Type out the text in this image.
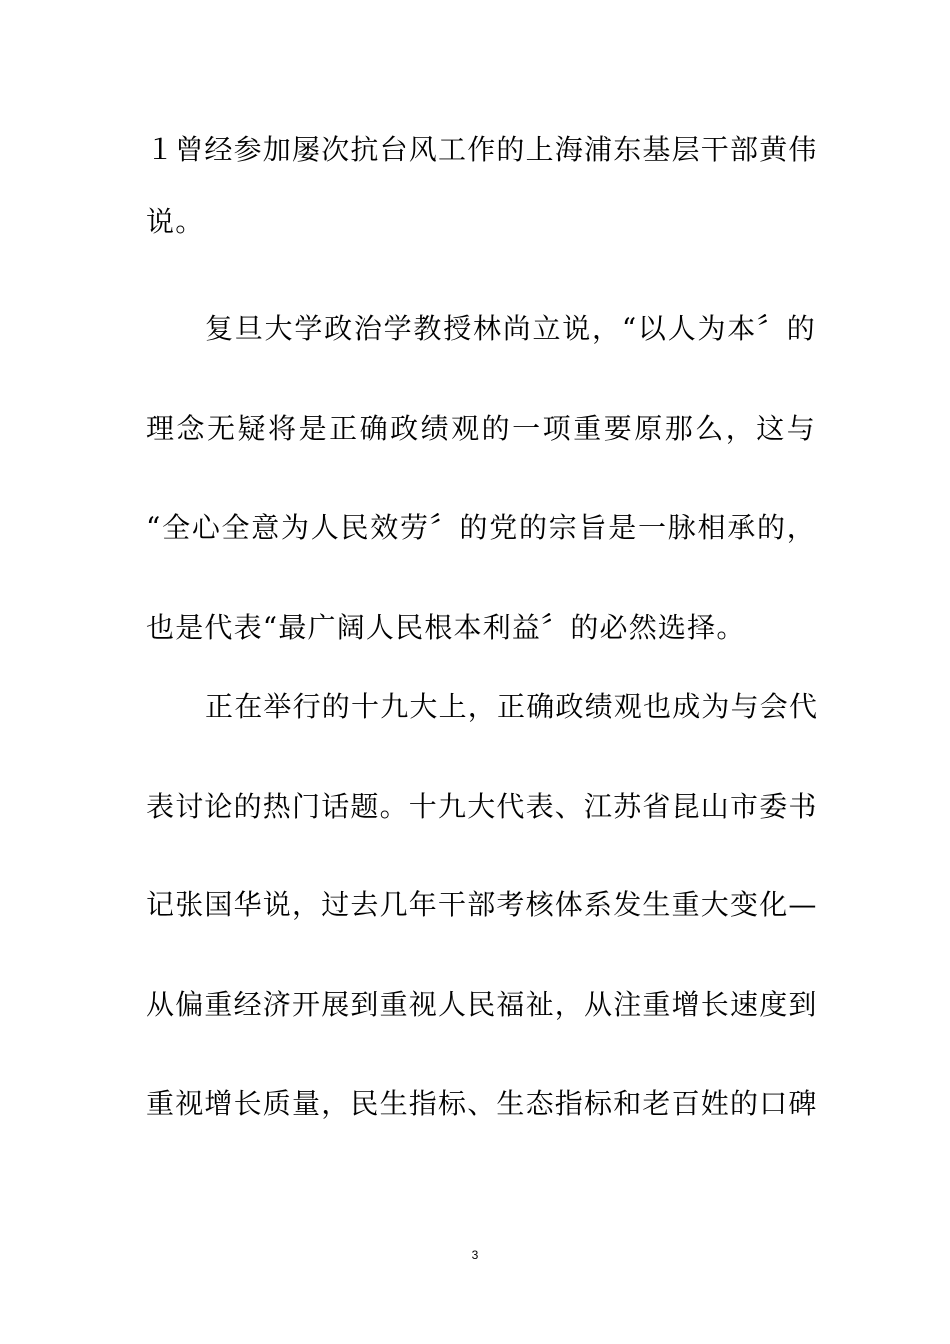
１曾经参加屡次抗台风工作的上海浦东基层干部黄伟
说。
复旦大学政治学教授林尚立说，“以人为本〞的
理念无疑将是正确政绩观的一项重要原那么，这与
“全心全意为人民效劳〞的党的宗旨是一脉相承的，
也是代表“最广阔人民根本利益〞的必然选择。
正在举行的十九大上，正确政绩观也成为与会代
表讨论的热门话题。十九大代表、江苏省昆山市委书
记张国华说，过去几年干部考核体系发生重大变化—
从偏重经济开展到重视人民福祉，从注重增长速度到
重视增长质量，民生指标、生态指标和老百姓的口碑
3
